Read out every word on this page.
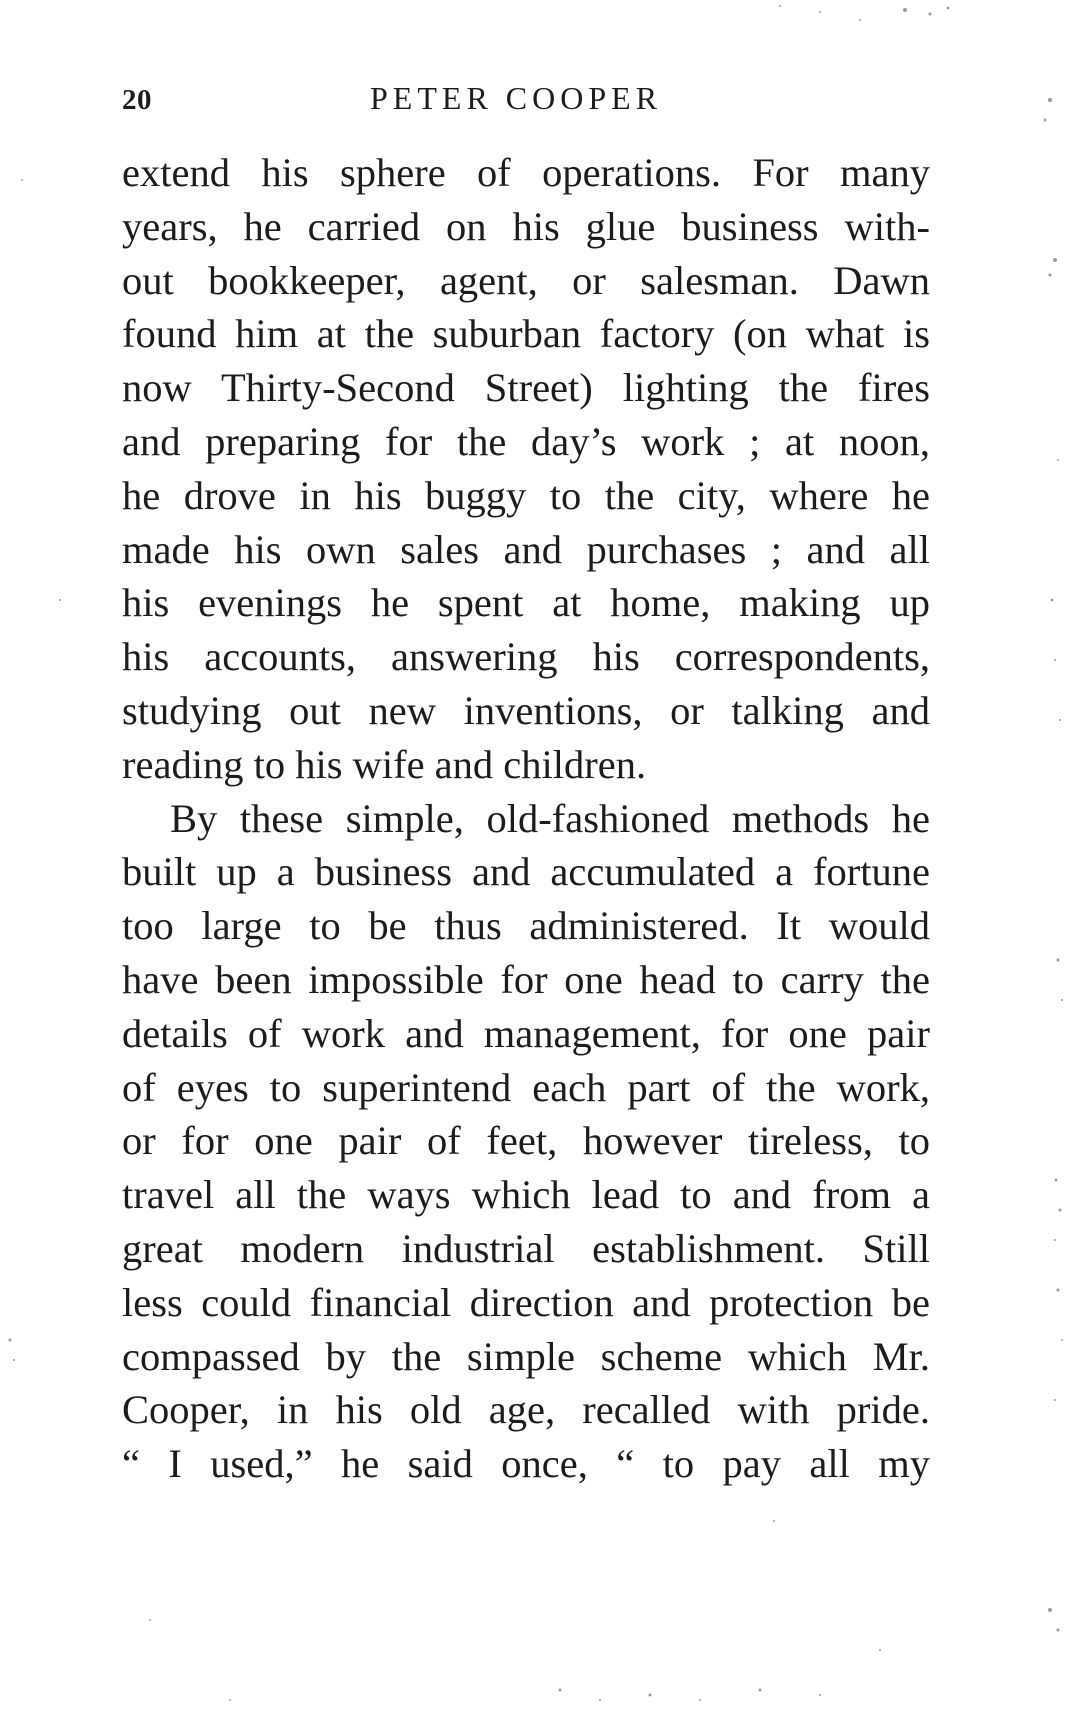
20	PETER COOPER
extend his sphere of operations. For many
years, he carried on his glue business with-
out bookkeeper, agent, or salesman. Dawn
found him at the suburban factory (on what is
now Thirty-Second Street) lighting the fires
and preparing for the day’s work ; at noon,
he drove in his buggy to the city, where he
made his own sales and purchases ; and all
his evenings he spent at home, making up
his accounts, answering his correspondents,
studying out new inventions, or talking and
reading to his wife and children.
By these simple, old-fashioned methods he
built up a business and accumulated a fortune
too large to be thus administered. It would
have been impossible for one head to carry the
details of work and management, for one pair
of eyes to superintend each part of the work,
or for one pair of feet, however tireless, to
travel all the ways which lead to and from a
great modern industrial establishment. Still
less could financial direction and protection be
compassed by the simple scheme which Mr.
Cooper, in his old age, recalled with pride.
“ I used,” he said once, “ to pay all my
